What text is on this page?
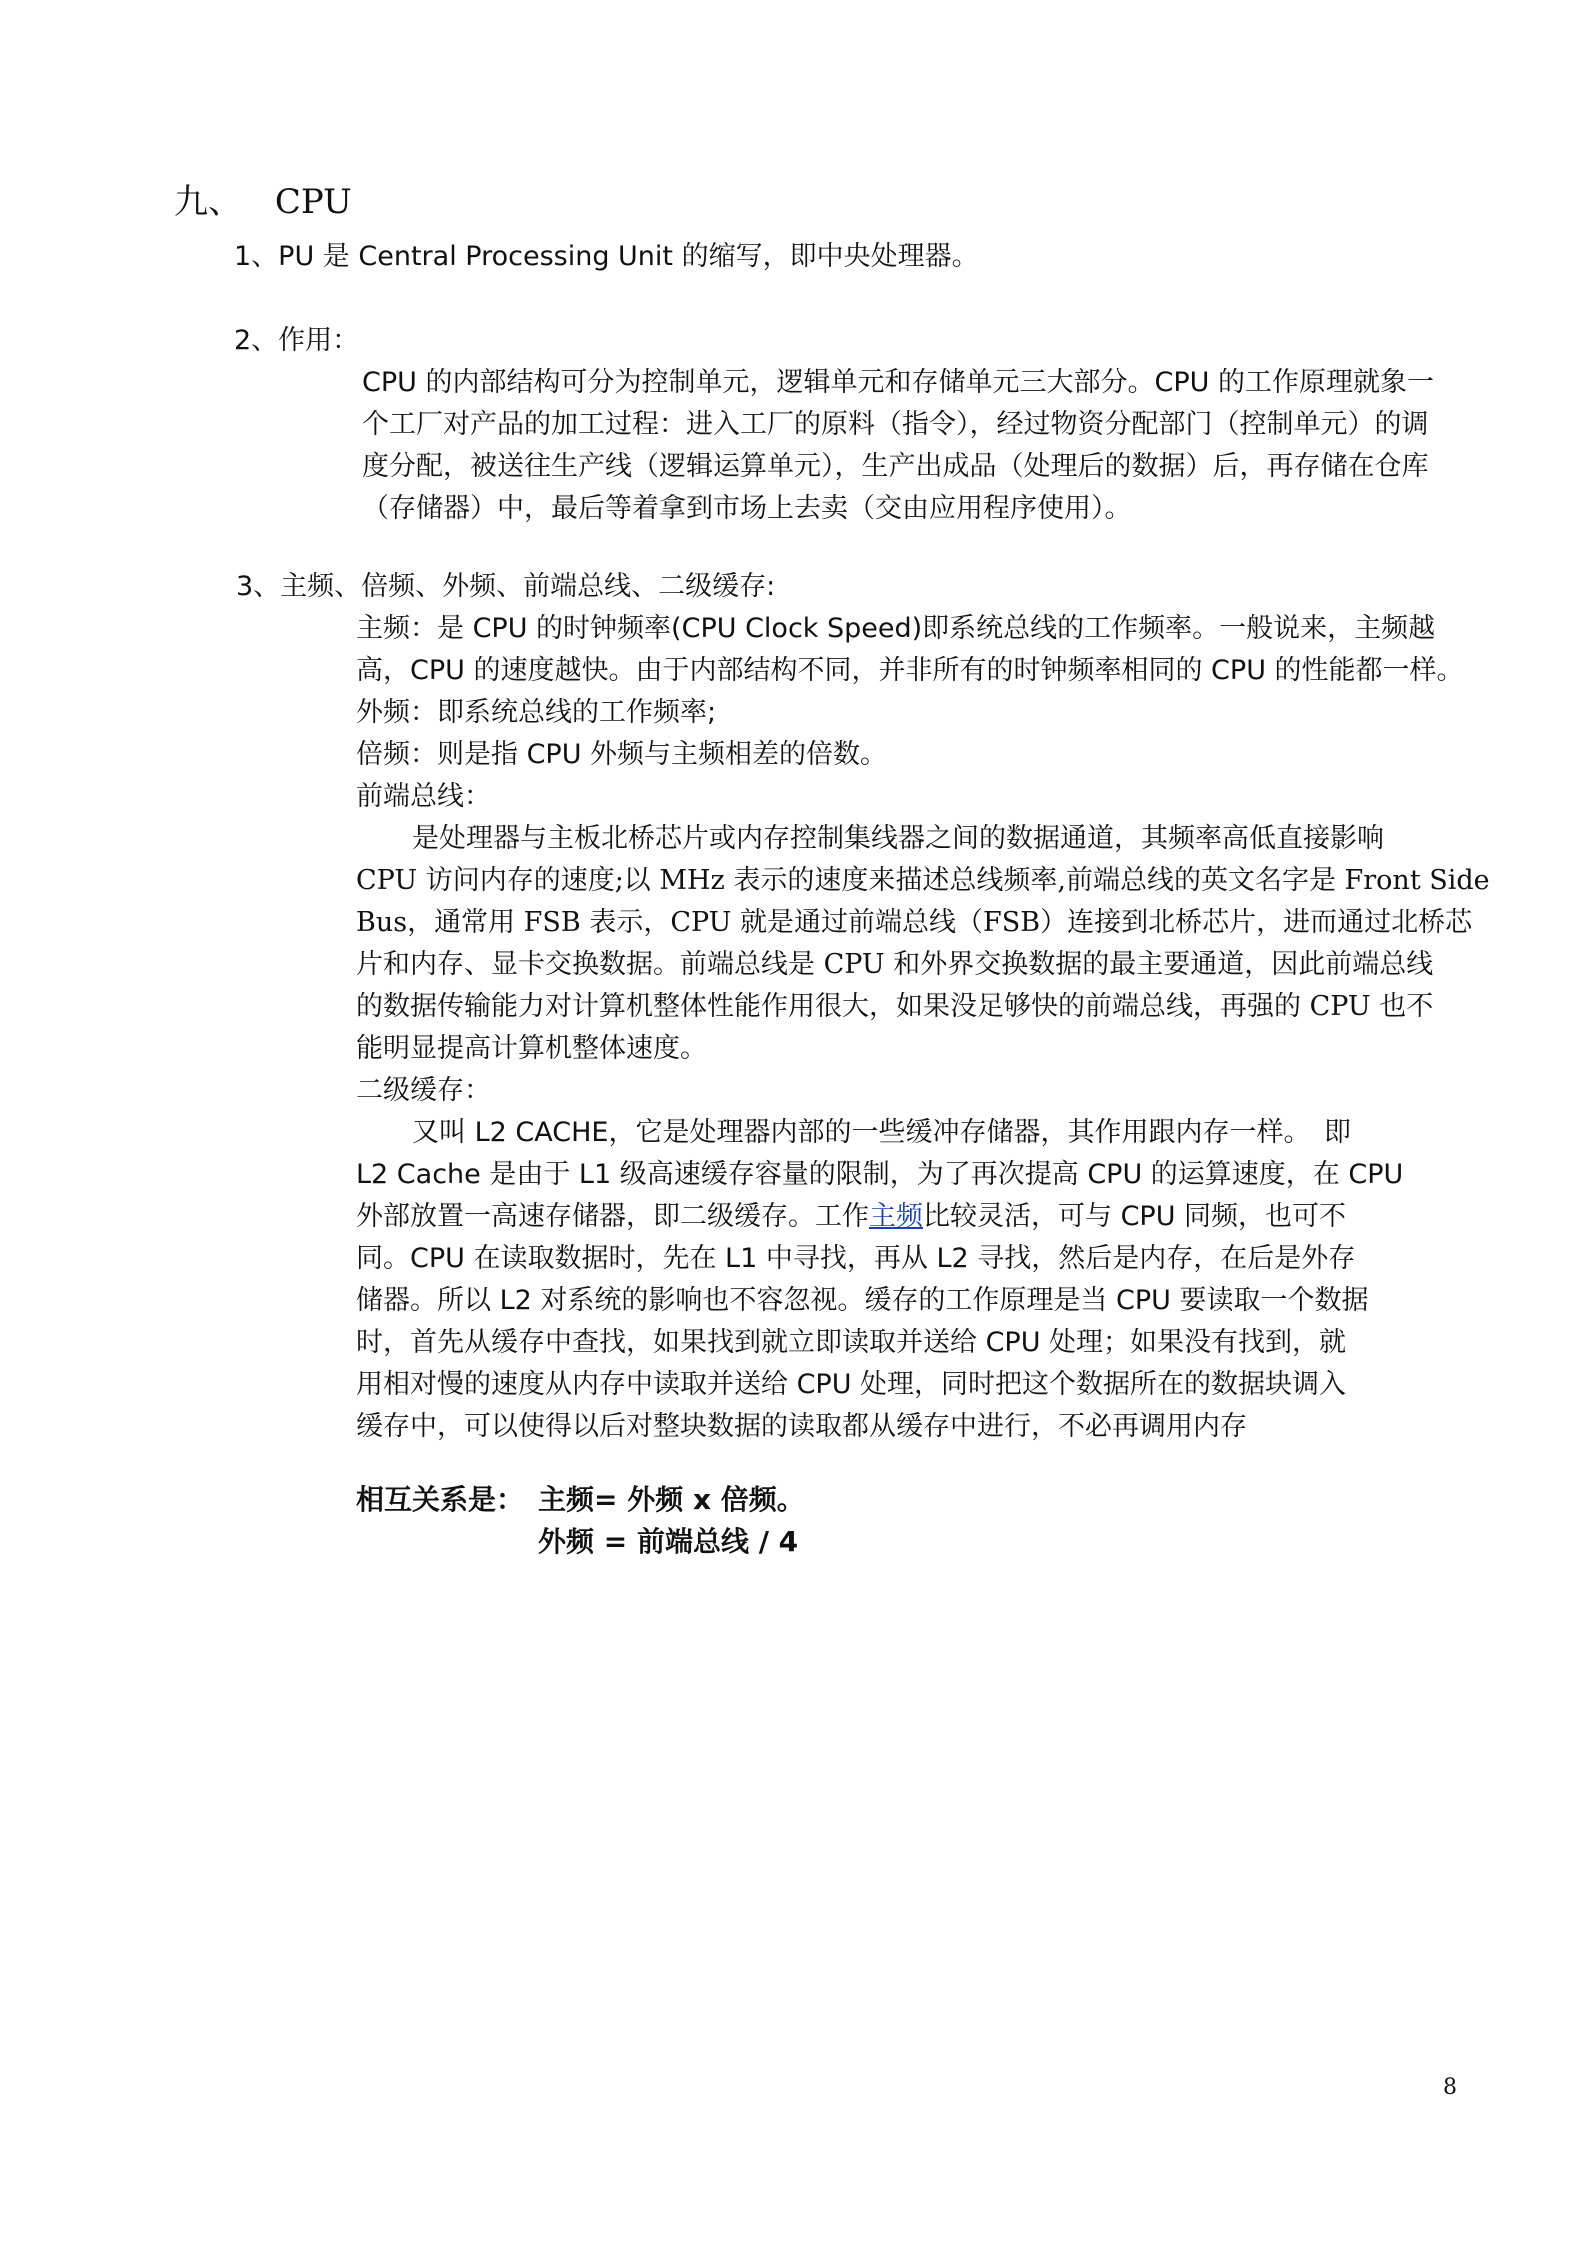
九、 CPU
1、PU 是 Central Processing Unit 的缩写，即中央处理器。
2、作用：

CPU 的内部结构可分为控制单元，逻辑单元和存储单元三大部分。CPU 的工作原理就象一

个工厂对产品的加工过程：进入工厂的原料（指令），经过物资分配部门（控制单元）的调

度分配，被送往生产线（逻辑运算单元），生产出成品（处理后的数据）后，再存储在仓库

（存储器）中，最后等着拿到市场上去卖（交由应用程序使用）。

3、主频、倍频、外频、前端总线、二级缓存:

主频：是 CPU 的时钟频率(CPU Clock Speed)即系统总线的工作频率。一般说来，主频越

高，CPU 的速度越快。由于内部结构不同，并非所有的时钟频率相同的 CPU 的性能都一样。

外频：即系统总线的工作频率;

倍频：则是指 CPU 外频与主频相差的倍数。

前端总线：

是处理器与主板北桥芯片或内存控制集线器之间的数据通道，其频率高低直接影响

CPU 访问内存的速度;以 MHz 表示的速度来描述总线频率,前端总线的英文名字是 Front Side

Bus，通常用 FSB 表示，CPU 就是通过前端总线（FSB）连接到北桥芯片，进而通过北桥芯

片和内存、显卡交换数据。前端总线是 CPU 和外界交换数据的最主要通道，因此前端总线

的数据传输能力对计算机整体性能作用很大，如果没足够快的前端总线，再强的 CPU 也不

能明显提高计算机整体速度。

二级缓存：

又叫 L2 CACHE，它是处理器内部的一些缓冲存储器，其作用跟内存一样。　即

L2 Cache 是由于 L1 级高速缓存容量的限制，为了再次提高 CPU 的运算速度，在 CPU

外部放置一高速存储器，即二级缓存。工作主频比较灵活，可与 CPU 同频，也可不

同。CPU 在读取数据时，先在 L1 中寻找，再从 L2 寻找，然后是内存，在后是外存

储器。所以 L2 对系统的影响也不容忽视。缓存的工作原理是当 CPU 要读取一个数据

时，首先从缓存中查找，如果找到就立即读取并送给 CPU 处理；如果没有找到，就

用相对慢的速度从内存中读取并送给 CPU 处理，同时把这个数据所在的数据块调入

缓存中，可以使得以后对整块数据的读取都从缓存中进行，不必再调用内存

相互关系是： 主频= 外频 x 倍频。
外频 = 前端总线 / 4
8
